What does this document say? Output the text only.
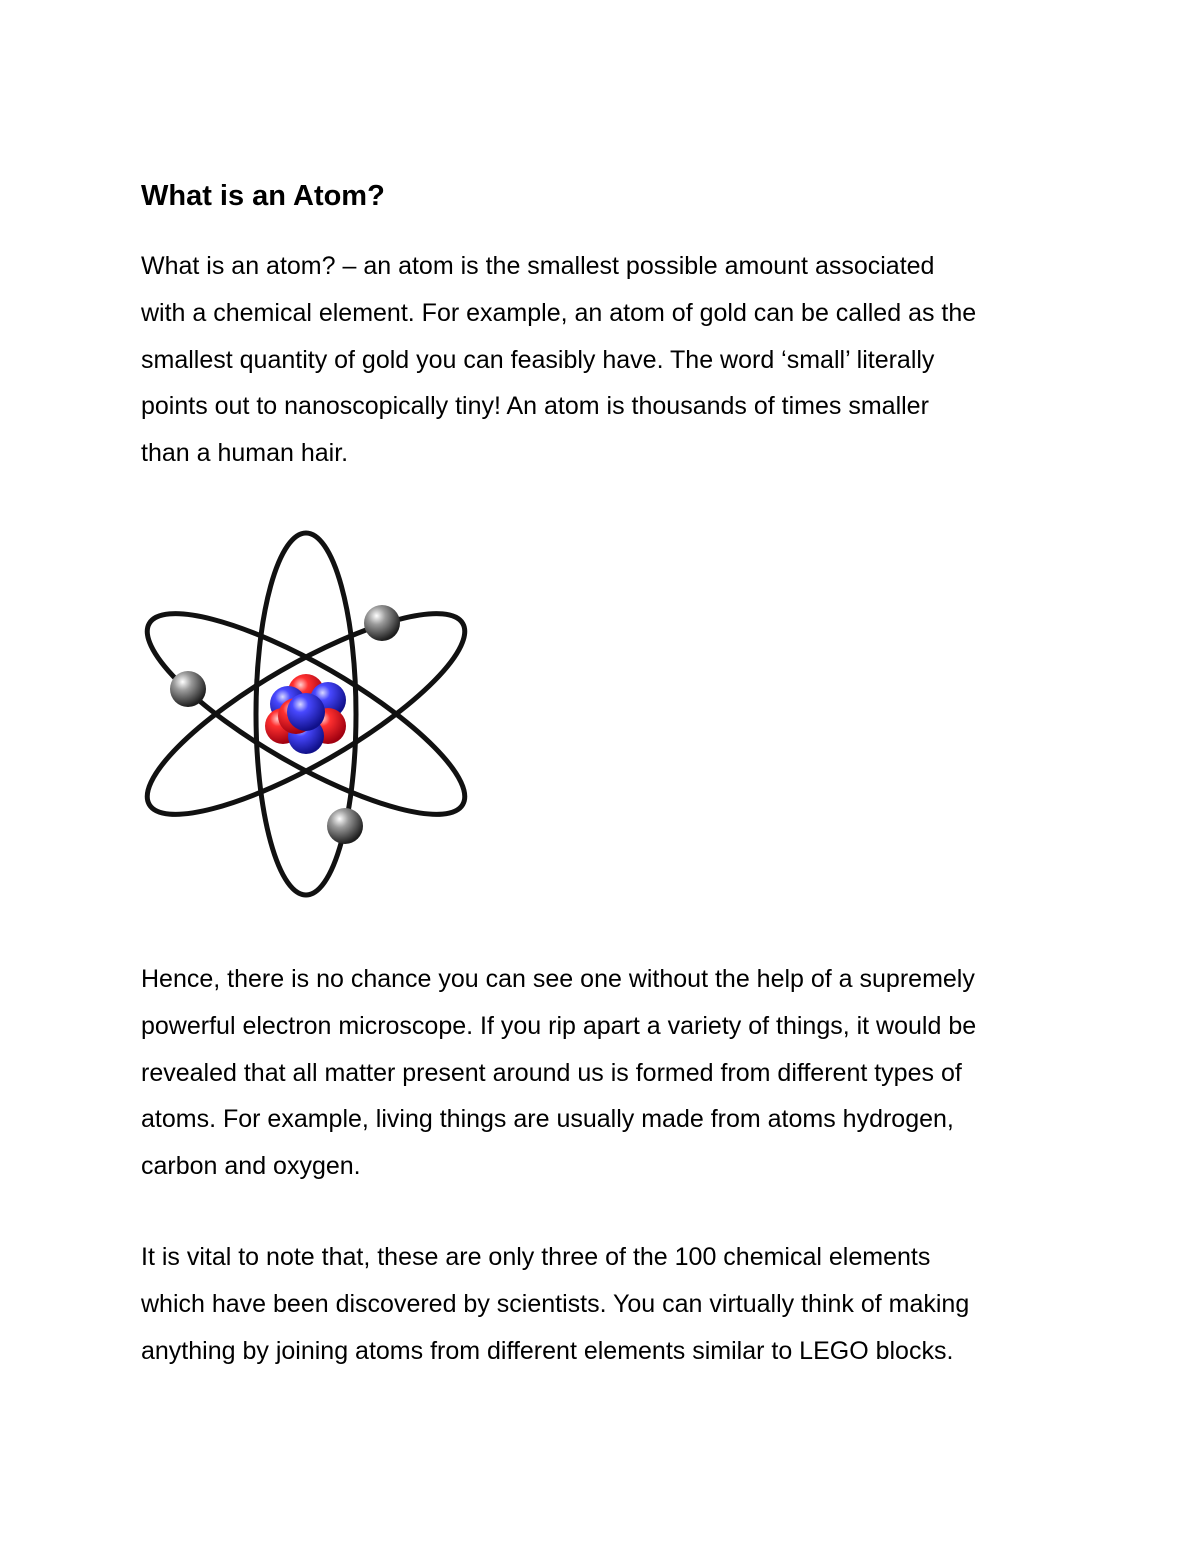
What is an Atom?
What is an atom? – an atom is the smallest possible amount associated
with a chemical element. For example, an atom of gold can be called as the
smallest quantity of gold you can feasibly have. The word ‘small’ literally
points out to nanoscopically tiny! An atom is thousands of times smaller
than a human hair.
Hence, there is no chance you can see one without the help of a supremely
powerful electron microscope. If you rip apart a variety of things, it would be
revealed that all matter present around us is formed from different types of
atoms. For example, living things are usually made from atoms hydrogen,
carbon and oxygen.
It is vital to note that, these are only three of the 100 chemical elements
which have been discovered by scientists. You can virtually think of making
anything by joining atoms from different elements similar to LEGO blocks.
